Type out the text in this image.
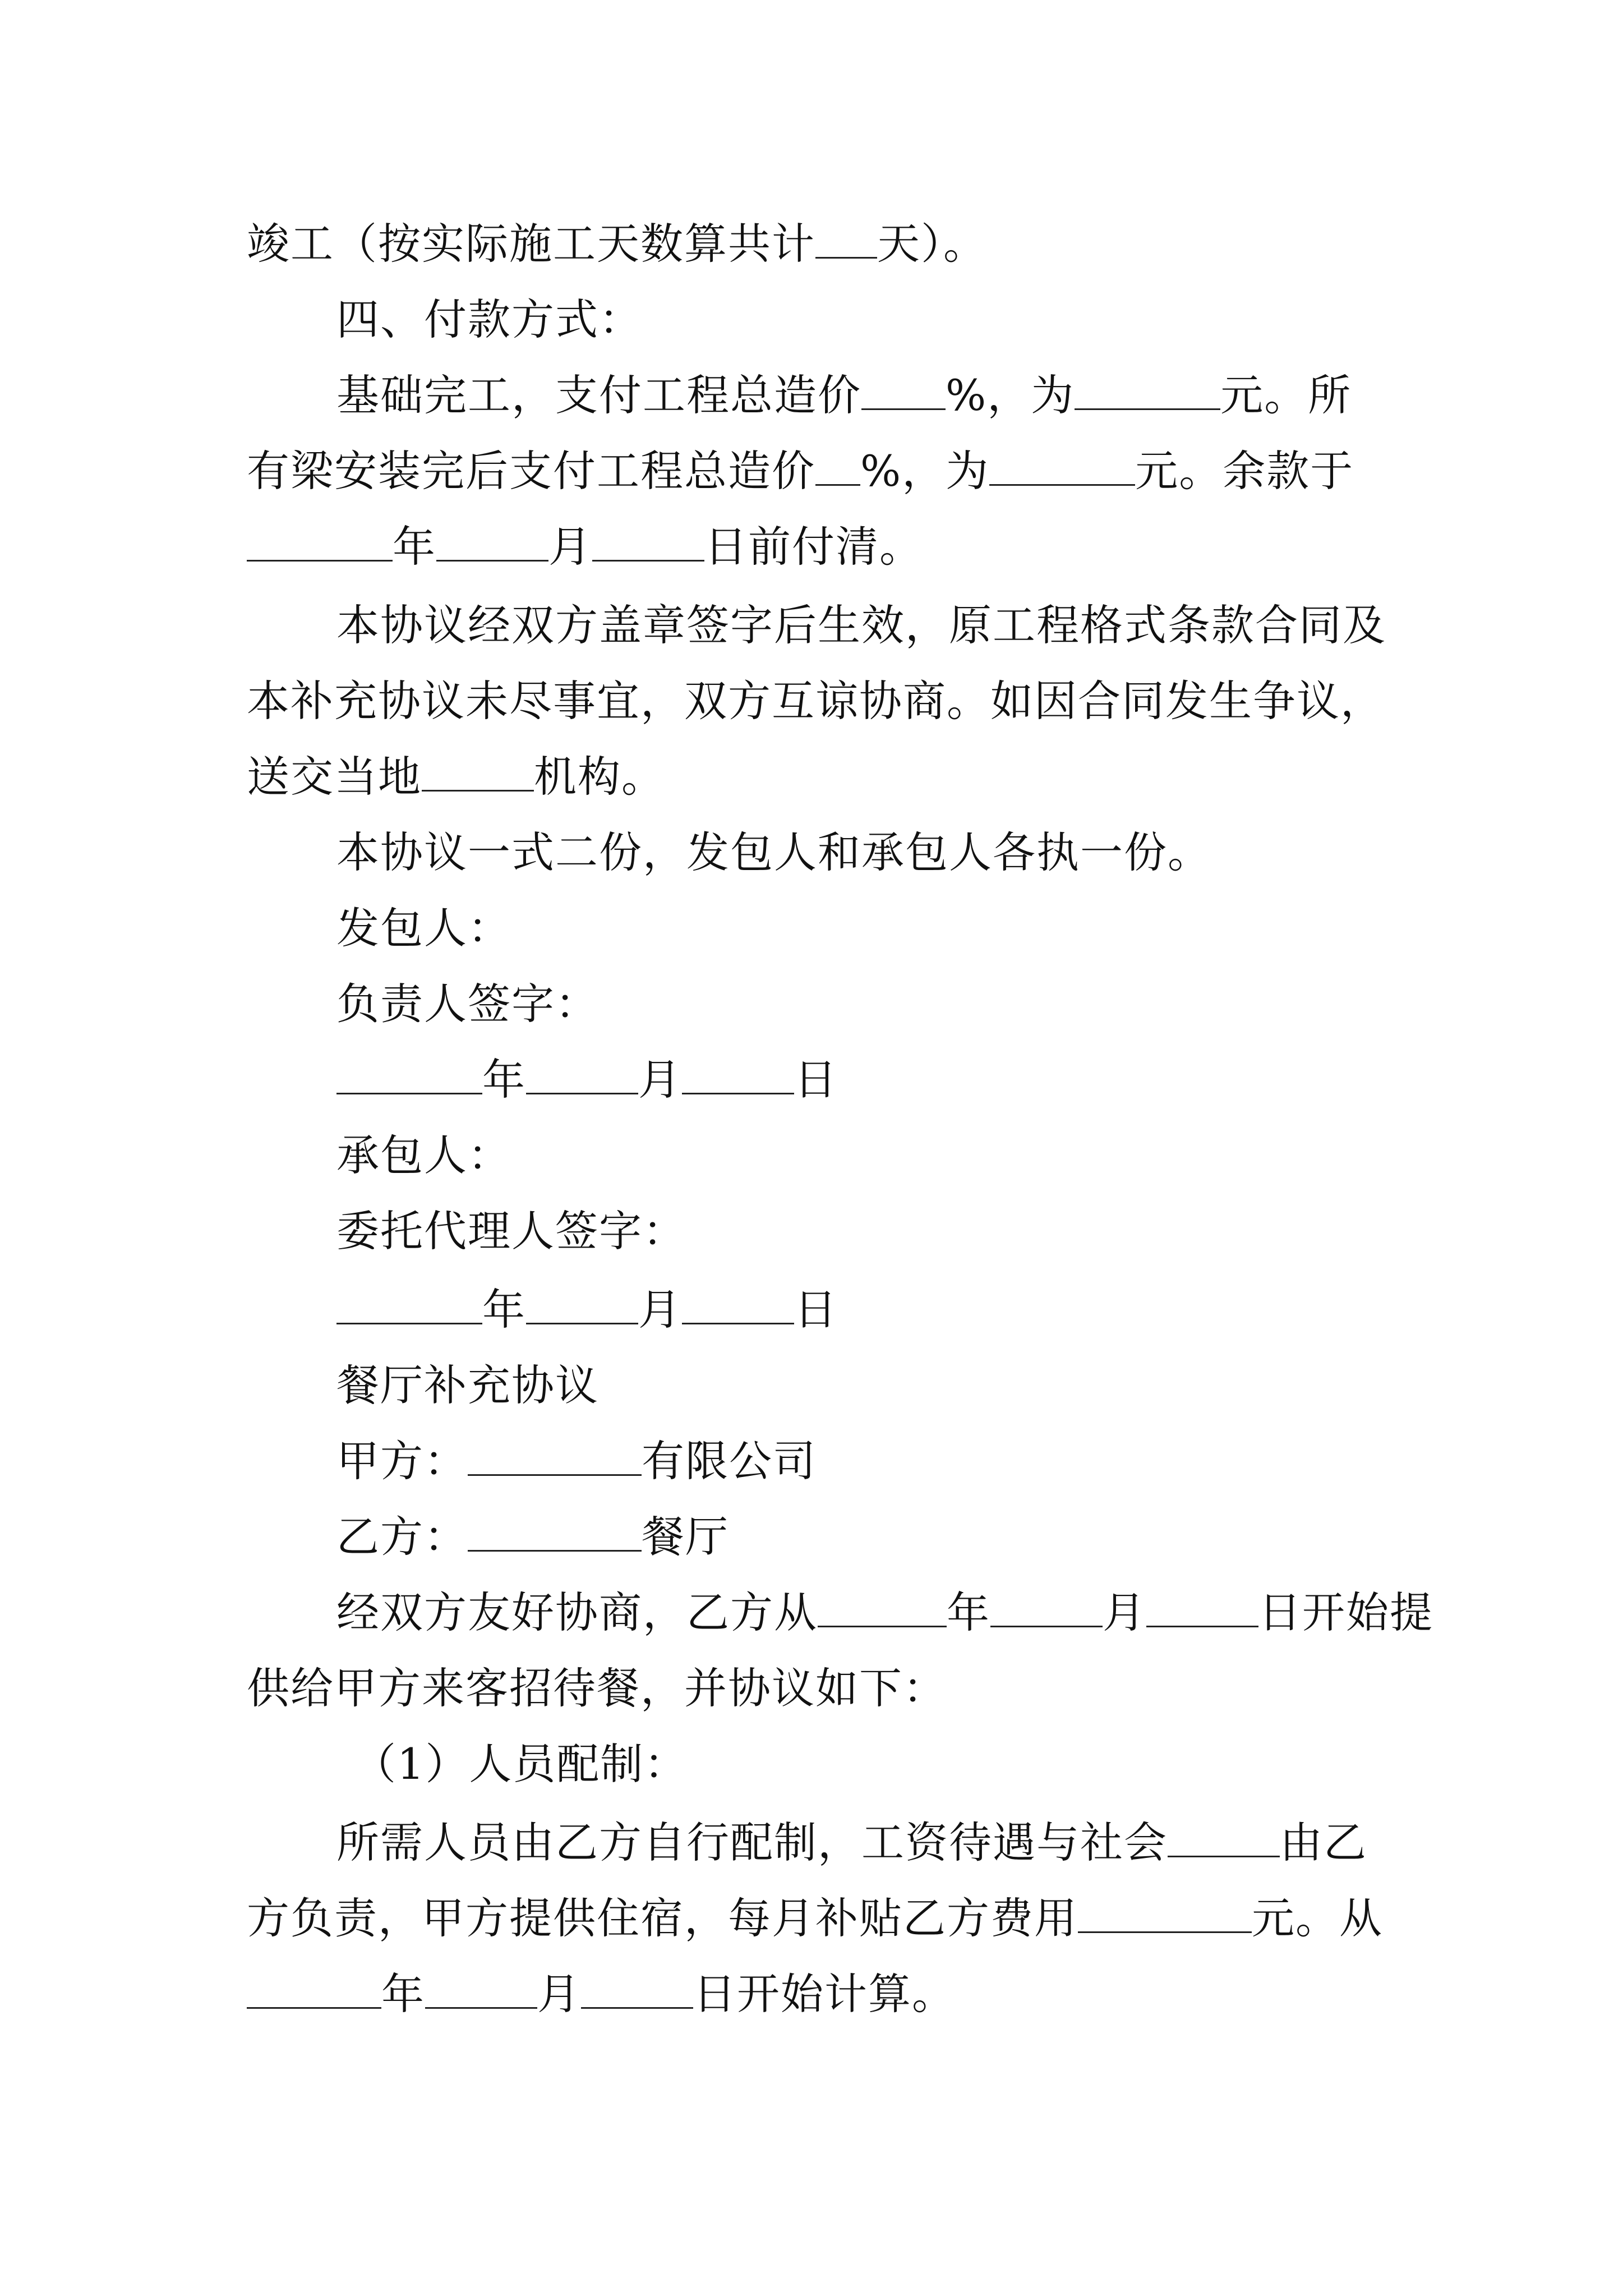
竣工（按实际施工天数算共计 天）。
四、付款方式：
基础完工，支付工程总造价 %，为	元。所
有梁安装完后支付工程总造价 %，为	元。余款于
年	月	日前付清。
本协议经双方盖章签字后生效，原工程格式条款合同及
本补充协议未尽事宜，双方互谅协商。如因合同发生争议，
送交当地	机构。
本协议一式二份，发包人和承包人各执一份。
发包人：
负责人签字：
年	月	日
承包人：
委托代理人签字：
年	月	日
餐厅补充协议
甲方：	有限公司
乙方：	餐厅
经双方友好协商，乙方从	年	月	日开始提
供给甲方来客招待餐，并协议如下：
（1）人员配制：
所需人员由乙方自行配制，工资待遇与社会	由乙
方负责，甲方提供住宿，每月补贴乙方费用	元。从
年	月	日开始计算。
